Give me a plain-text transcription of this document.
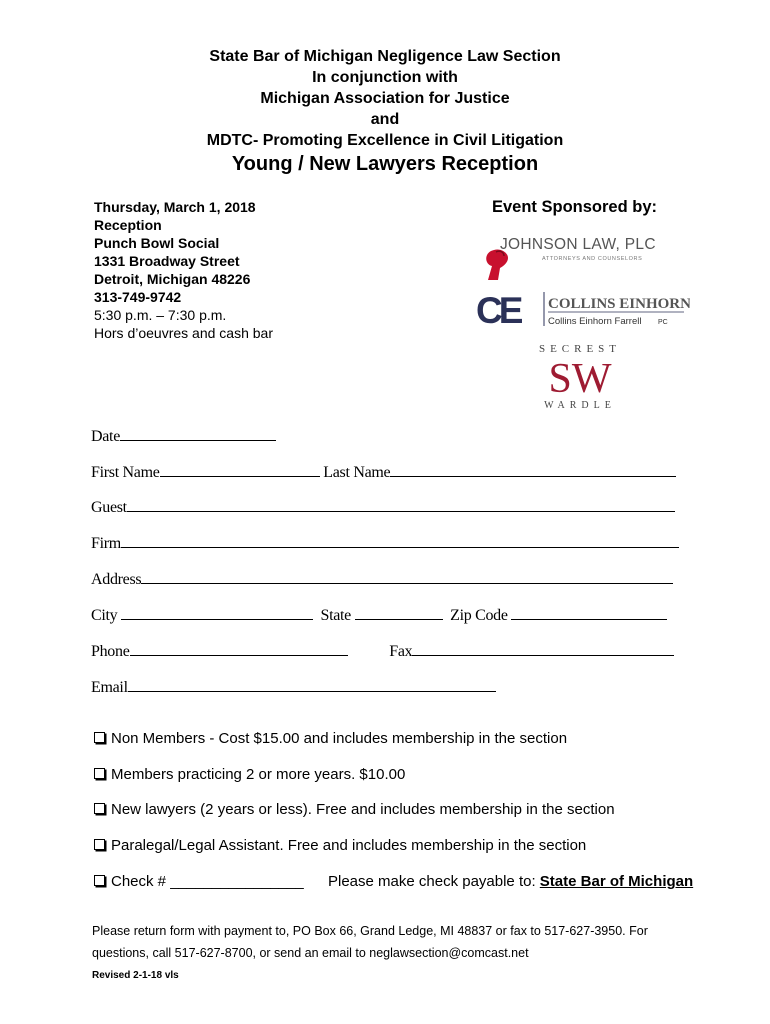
State Bar of Michigan Negligence Law Section
In conjunction with
Michigan Association for Justice
and
MDTC- Promoting Excellence in Civil Litigation
Young / New Lawyers Reception
Thursday, March 1, 2018
Reception
Punch Bowl Social
1331 Broadway Street
Detroit, Michigan 48226
313-749-9742
5:30 p.m. – 7:30 p.m.
Hors d’oeuvres and cash bar
Event Sponsored by:
JOHNSON LAW, PLC
ATTORNEYS AND COUNSELORS
CE COLLINS EINHORN
Collins Einhorn Farrell PC
SECREST
SW
WARDLE
Date
First Name	Last Name
Guest
Firm
Address
City	State	Zip Code
Phone	Fax
Email
Non Members - Cost $15.00 and includes membership in the section
Members practicing 2 or more years. $10.00
New lawyers (2 years or less). Free and includes membership in the section
Paralegal/Legal Assistant. Free and includes membership in the section
Check # ________________ Please make check payable to: State Bar of Michigan
Please return form with payment to, PO Box 66, Grand Ledge, MI 48837 or fax to 517-627-3950. For
questions, call 517-627-8700, or send an email to neglawsection@comcast.net
Revised 2-1-18 vls
